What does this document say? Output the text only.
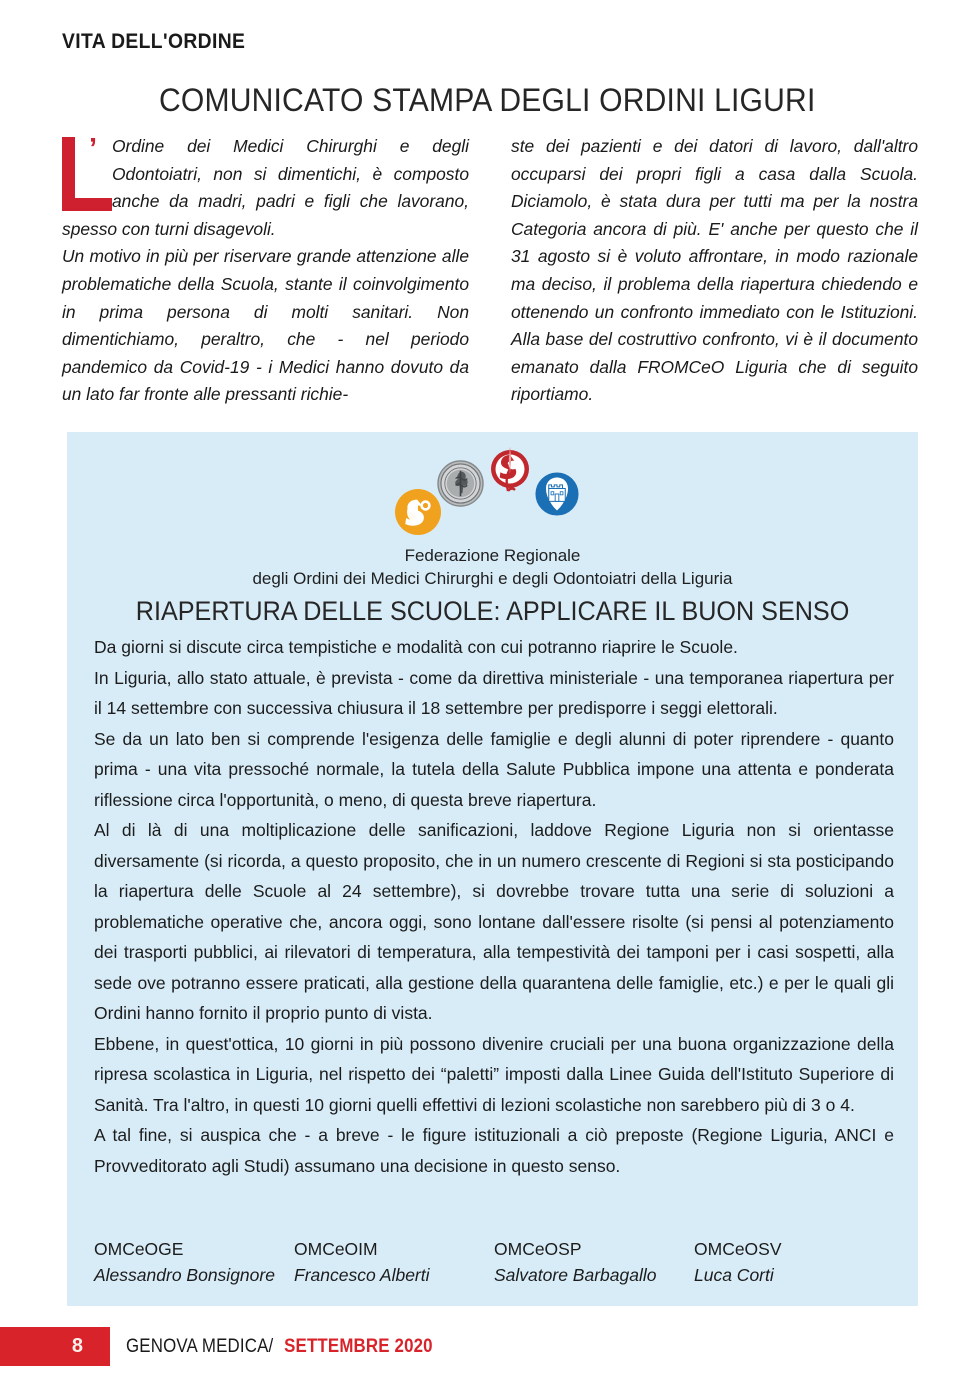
VITA DELL'ORDINE
COMUNICATO STAMPA DEGLI ORDINI LIGURI
’ Ordine dei Medici Chirurghi e degli Odontoiatri, non si dimentichi, è composto anche da madri, padri e figli che lavorano, spesso con turni disagevoli.

Un motivo in più per riservare grande attenzione alle problematiche della Scuola, stante il coinvolgimento in prima persona di molti sanitari. Non dimentichiamo, peraltro, che - nel periodo pandemico da Covid-19 - i Medici hanno dovuto da un lato far fronte alle pressanti richie-

ste dei pazienti e dei datori di lavoro, dall'altro occuparsi dei propri figli a casa dalla Scuola. Diciamolo, è stata dura per tutti ma per la nostra Categoria ancora di più. E' anche per questo che il 31 agosto si è voluto affrontare, in modo razionale ma deciso, il problema della riapertura chiedendo e ottenendo un confronto immediato con le Istituzioni. Alla base del costruttivo confronto, vi è il documento emanato dalla FROMCeO Liguria che di seguito riportiamo.

Federazione Regionale
degli Ordini dei Medici Chirurghi e degli Odontoiatri della Liguria
RIAPERTURA DELLE SCUOLE: APPLICARE IL BUON SENSO

Da giorni si discute circa tempistiche e modalità con cui potranno riaprire le Scuole.

In Liguria, allo stato attuale, è prevista - come da direttiva ministeriale - una temporanea riapertura per il 14 settembre con successiva chiusura il 18 settembre per predisporre i seggi elettorali.

Se da un lato ben si comprende l'esigenza delle famiglie e degli alunni di poter riprendere - quanto prima - una vita pressoché normale, la tutela della Salute Pubblica impone una attenta e ponderata riflessione circa l'opportunità, o meno, di questa breve riapertura.

Al di là di una moltiplicazione delle sanificazioni, laddove Regione Liguria non si orientasse diversamente (si ricorda, a questo proposito, che in un numero crescente di Regioni si sta posticipando la riapertura delle Scuole al 24 settembre), si dovrebbe trovare tutta una serie di soluzioni a problematiche operative che, ancora oggi, sono lontane dall'essere risolte (si pensi al potenziamento dei trasporti pubblici, ai rilevatori di temperatura, alla tempestività dei tamponi per i casi sospetti, alla sede ove potranno essere praticati, alla gestione della quarantena delle famiglie, etc.) e per le quali gli Ordini hanno fornito il proprio punto di vista.

Ebbene, in quest'ottica, 10 giorni in più possono divenire cruciali per una buona organizzazione della ripresa scolastica in Liguria, nel rispetto dei “paletti” imposti dalla Linee Guida dell'Istituto Superiore di Sanità. Tra l'altro, in questi 10 giorni quelli effettivi di lezioni scolastiche non sarebbero più di 3 o 4.

A tal fine, si auspica che - a breve - le figure istituzionali a ciò preposte (Regione Liguria, ANCI e Provveditorato agli Studi) assumano una decisione in questo senso.

OMCeOGE
Alessandro Bonsignore
OMCeOIM
Francesco Alberti
OMCeOSP
Salvatore Barbagallo
OMCeOSV
Luca Corti
8	GENOVA MEDICA/ SETTEMBRE 2020
